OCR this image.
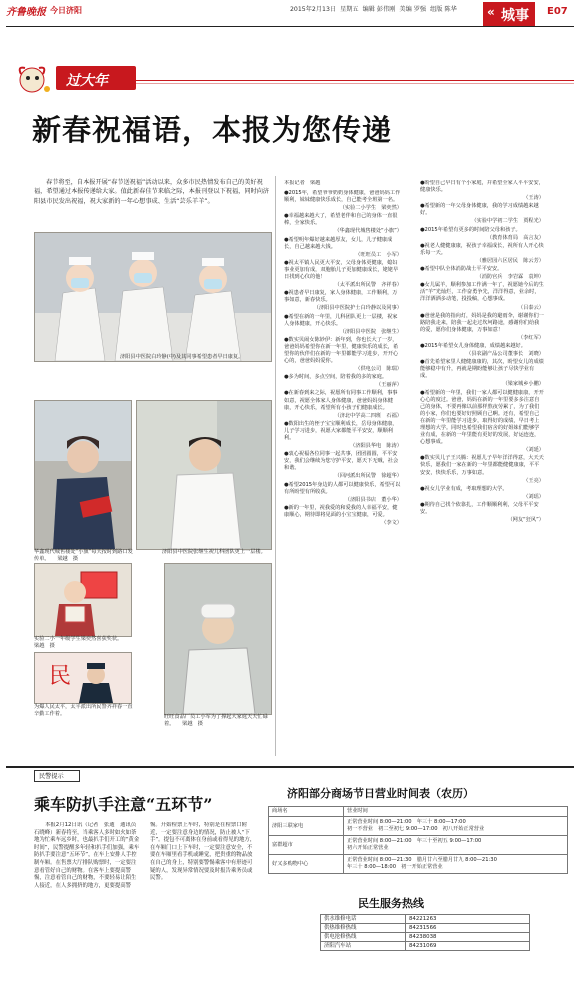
齐鲁晚报 今日济阳	2015年2月13日 星期五 编辑 彭伟刚 美编 罗强 组版 陈华	« 城事 E07
过大年
新春祝福语，本报为您传递
春节将至，自本报开展“春节送祝福”活动以来，众多市民热情发布自己的美好祝福，希望通过本报传递给大家。值此新春佳节来临之际，本报刊登以下祝福，同时向济阳县市民发出祝福，祝大家新的一年心想事成、生活“芸乐羊羊”。
济阳县中医院白玲静(中)及其同事希望患者早日康复。
华鑫现代城售楼处“小旗”每天按时到路口发传单。　　梁越　摄
济阳县中医院张继生祝儿科团队更上一层楼。
实验二小一年级学生梁奕然喜获奖状。　　梁越　摄
民
为爆人民太平，太平派出所民警齐祥春一直辛勤工作着。	旺旺食品厂员工小军为了撑起大家庭天天忙碌着。　　梁越　摄
本报记者　梁越

●2015年，希望爷爷奶奶身体健康，爸爸妈妈工作顺利，妹妹健康快乐成长，自己能考全班第一名。

（实验二小学生　梁奕然）

●幸福越来越大了，希望老伴和自己的身体一直很棒，全家快乐。

（华鑫现代城售楼处“小旗”）

●希望明年爆好越来越厚友，女儿，儿子健康成长，自己越来越大钱。

（旺旺员工　小军）

●祝太平镇人民更大平安，父母身体更健康，媳妇事业更加有成，双胞胎儿子更加健康成长，姥姥早日找到心仪的他！

（太平派出所民警　齐祥春）

●祝患者早日康复，家人身体健康，工作顺利，万事如意，新春快乐。

（济阳县中医院护士白玲静以及同事）

●希望在新的一年里，儿科团队更上一层楼，祝家人身体健康，开心快乐。

（济阳县中医院　张继生）

●数实贝闹女陈妙伊：新年到，你也长大了一岁，爸爸妈妈希望你在新一年里，健康快乐的成长，希望你的伙伴们在新的一年里都能学习进步，开开心心的，爸爸妈妈爱你。

（供电公司　陈瑞）

●多为时间，多点空间，陪着我的多的家庭。

（王丽萍）

●在新春到来之际，祝愿所有同事工作顺利，事事如意，祝愿全体家人身体健康，爸爸妈妈身体健康，开心快乐，希望所有小孩子们健康成长。

（济北中学高二四班　石福）

●数阳出生的侄子宝宝顺利成长，岳母身体健康，儿子学习进步，祝愿大家都能平平安安，顺顺利利。

（济阳县华电　陈涛）

●衷心祝福各位同事一起共事，团团圆圆，平平安安，我们会继续为您守护平安，愿天下无贼，社会和谐。

（回河派出所民警　徐超华）

●希望2015年身边的人都可以健康快乐，希望可以有所盼望有所收获。

（济阳县书店　董小华）

●新的一年里，祝我爱的和爱我的人幸福平安，健康顺心，期待即将见面的小宝宝健康，可爱。

（李文）

●盼望自己早日有个小家庭，并希望全家人平平安安，健康快乐。

（王涛）

●希望新的一年父母身体健康，我的学习成绩越来越好。

（实验中学初二学生　贾程光）

●2015年希望有更多的时间陪父母和孩子。

（教育体育局　高言友）

●祝老人健健康康，祝孩子幸福成长，祝所有人开心快乐每一天。

（雅居园六区居民　陈云芳）

●希望中队全体消防战士平平安安。

（消防官兵　李岩霖　袁坤）

●女儿属羊，顺利参加工作满一年了，祝愿她今后的生活“羊”光灿烂，工作奋勇争先，洋洋得意，业余时，洋洋洒洒多动笔，投投稿，心想事成。

（吕泰云）

●爸爸是我的指向灯，妈妈是我的避雨伞，谢谢你们一路陪我走来，陪我一起走过坎坷路途，感谢你们给我的爱，愿你们身体健康，万事如意！

（李红军）

●2015年希望女儿身体健康，成绩越来越好。

（县农副产品公司董事长　刘晓）

●首先希望家里人健健康康的，其次，盼望女儿的成绩能够稳中有升，再就是期盼能够让孩子尽快学业有成。

（梁家城乡小鹏）

●希望新的一年里，我们一家人都可以健健康康，开开心心的度过。爸爸，妈妈在新的一年里要多多注意自己的身体，不要再像以前那样熬夜劳累了，为了我们的小家，你们也要好好照顾自己啊。还有，希望自己在新的一年里能学习进步，取得好的成绩，早日考上理想的大学。同时也希望我们宿舍的好姐妹们能够学业有成，在新的一年里能有更好的发展，好运连连，心想事成。

（刘延）

●数实贝儿子王兴腾：祝愿儿子早年洋洋得意，大天天快乐，愿我们一家在新的一年里都能健健康康，平平安安，快快乐乐，万事如意。

（王亮）

●祝女儿学业有成，考取理想的大学。

（刘瑶）

●期待自己找个依靠扎，工作顺顺利利，父母平平安安。

（网友“狂风”）

民警提示
乘车防扒手注意“五环节”
本报2月12日讯（记者　张通　通讯员　石晓峰）新春将至，当乘客人多时如火如荼地为忙乘车远乡时，也最扒手们开工的“黄金时间”，民警提醒多年轻和扒手们加强，乘车防扒手要注意“五环节”，在车上安排人手控制车厢。在售票大厅排队购票时，一定要注意看管好自己的财物。在客车上要提高警惕，注意看管自己的财物，不要轻易让陌生人接近，在人多拥挤的地方，更要提高警惕。开始检票上车时，特别是在检票口附近，一定要注意身边的情况，防止被人“下手”。提包不可离体在身前或看得见的地方，在车厢门口上下车时，一定要注意安全，不要在车厢里看手机或睡觉，把贵重的物品放在自己的身上，特别要警惕乘客中有形迹可疑的人，发现异常情况要及时报告乘务员或民警。
济阳部分商场节日营业时间表（农历）
商场名	营业时间
济阳三联家电	正常营业时间 8:00—21:00　年三十 8:00—17:00
初一不营业　初二至初七 9:00—17:00　初八开始正常营业

富群超市	正常营业时间 8:00—21:00　年三十至初五 9:00—17:00
初六开始正常营业

好又多购物中心	正常营业时间 8:00—21:30　腊月廿六至腊月廿九 8:00—21:30
年三十 8:00—18:00　初一开始正常营业
民生服务热线
供水维修电话	84221263
供热维修热线	84231566
供电抢修热线	84238038
济阳汽车站	84231069
